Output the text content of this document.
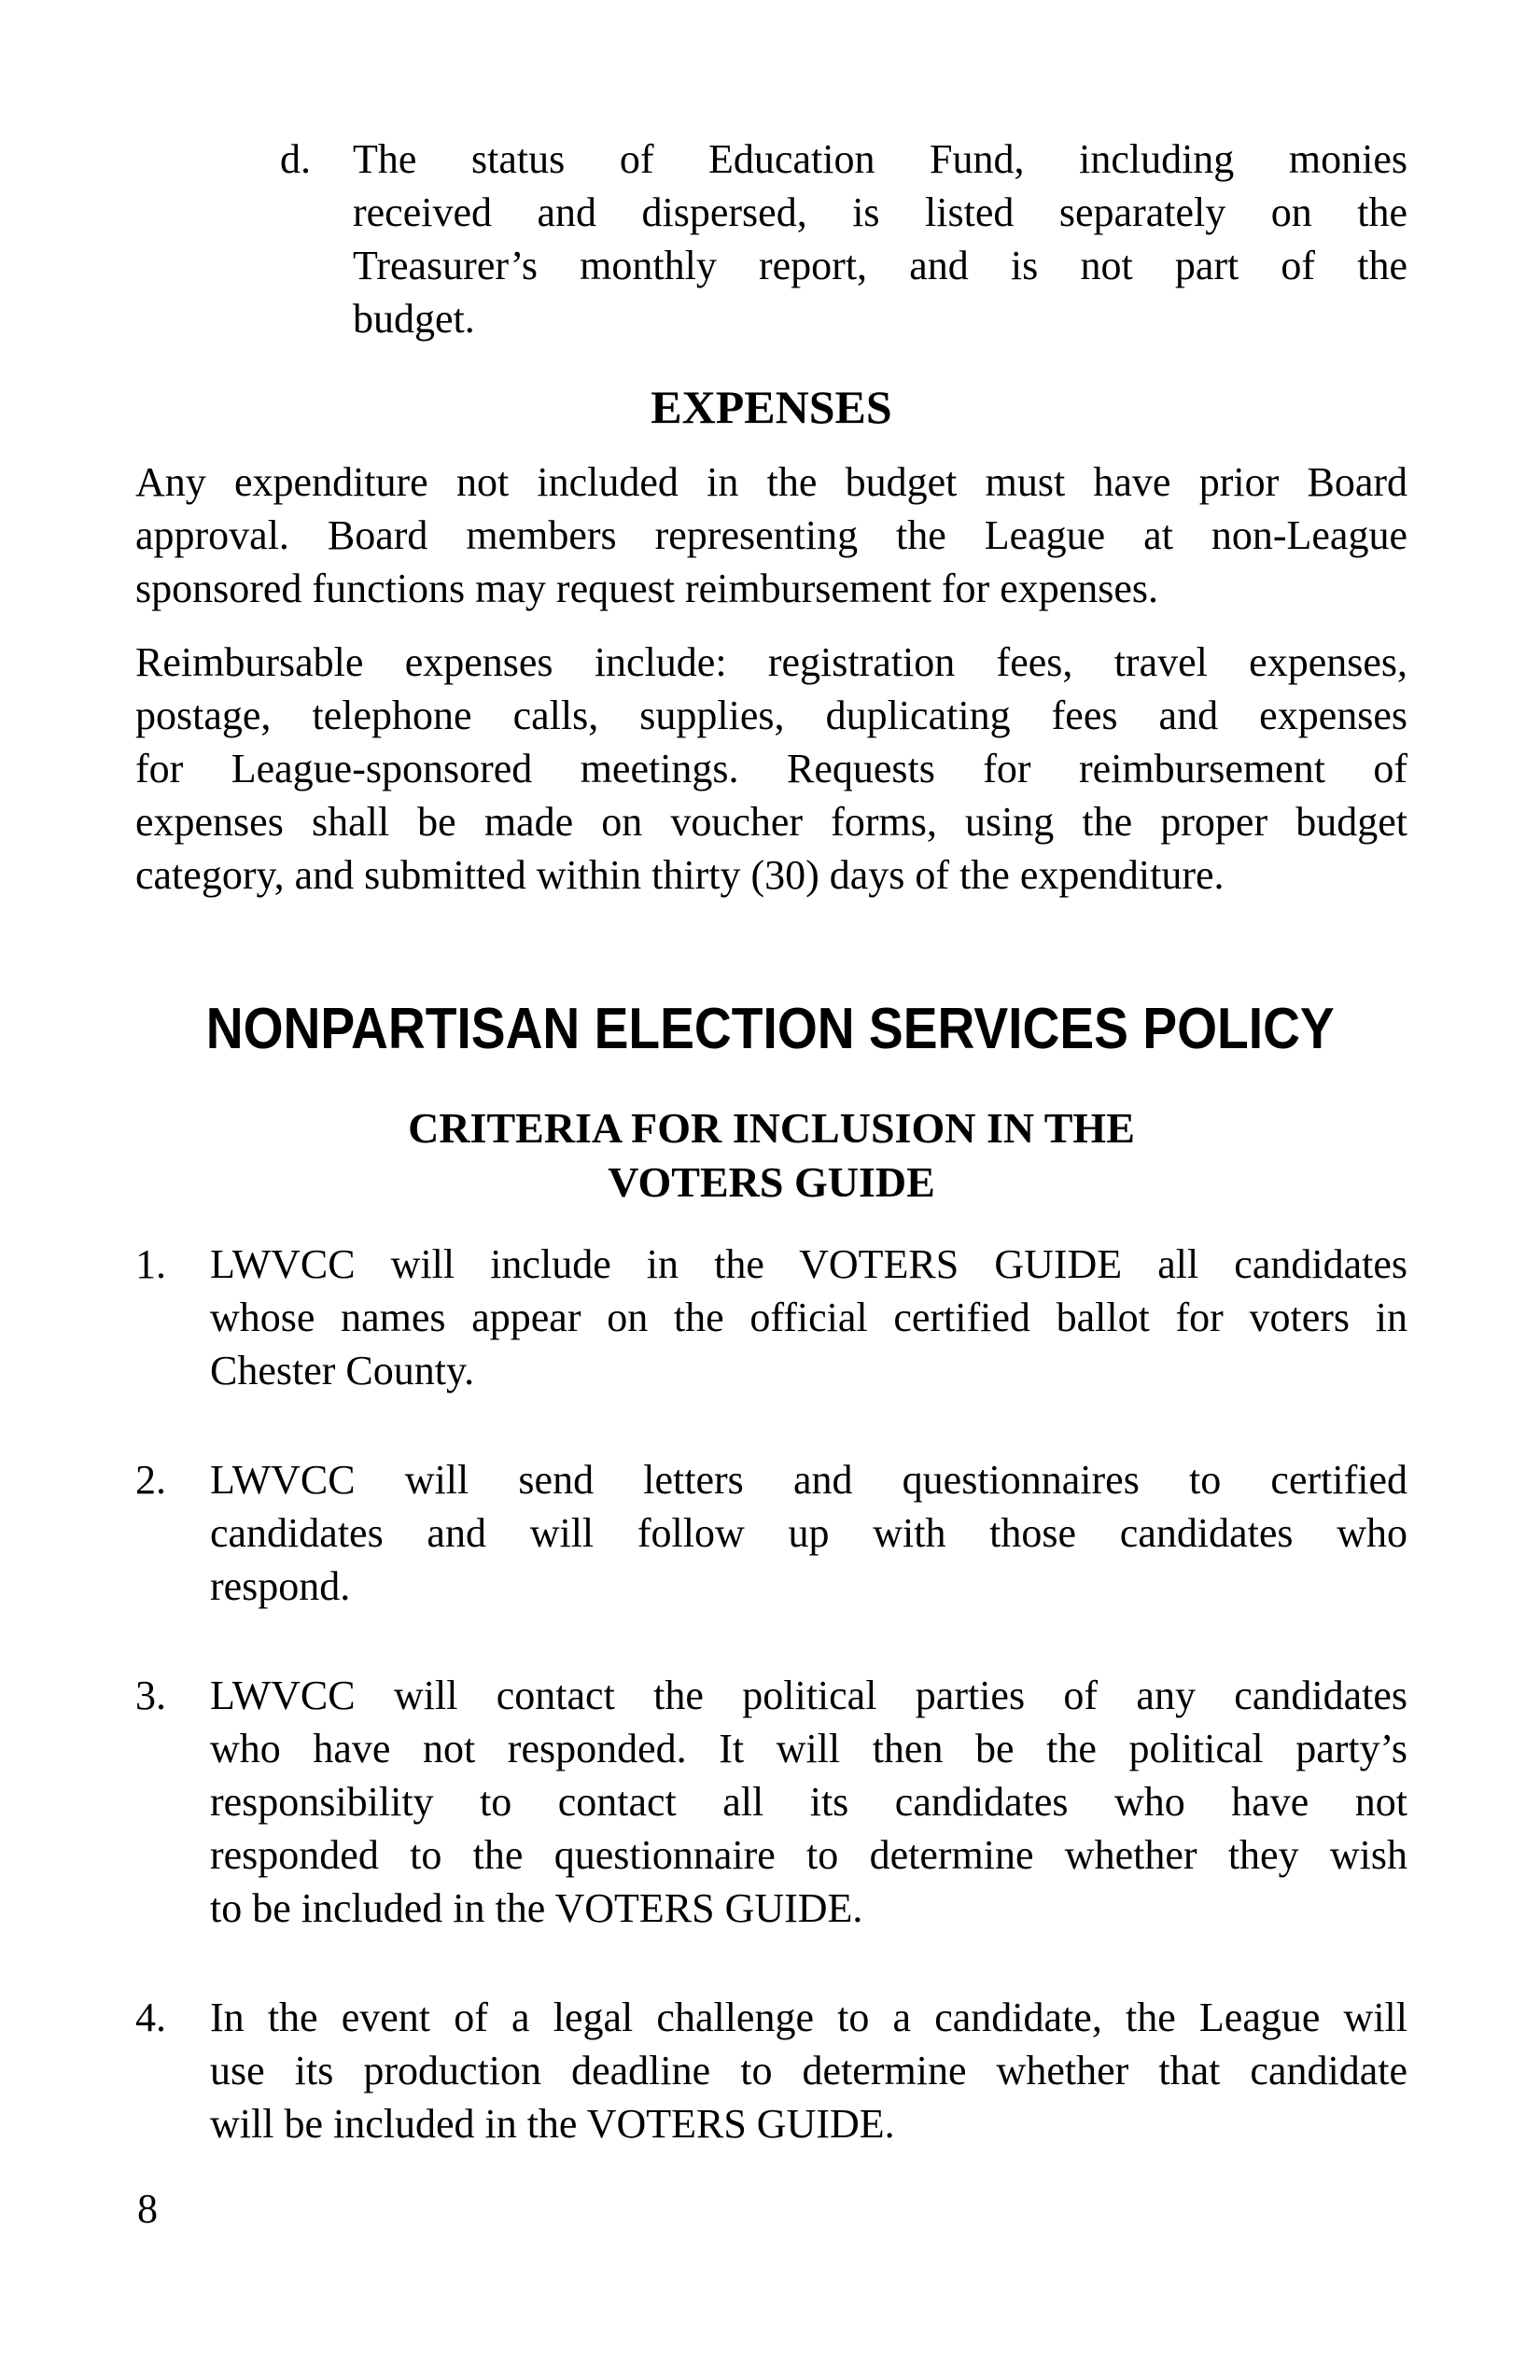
d. The status of Education Fund, including monies
received and dispersed, is listed separately on the
Treasurer’s monthly report, and is not part of the
budget.
EXPENSES
Any expenditure not included in the budget must have prior Board
approval. Board members representing the League at non-League
sponsored functions may request reimbursement for expenses.
Reimbursable expenses include: registration fees, travel expenses,
postage, telephone calls, supplies, duplicating fees and expenses
for League-sponsored meetings. Requests for reimbursement of
expenses shall be made on voucher forms, using the proper budget
category, and submitted within thirty (30) days of the expenditure.
NONPARTISAN ELECTION SERVICES POLICY
CRITERIA FOR INCLUSION IN THE
VOTERS GUIDE
1. LWVCC will include in the VOTERS GUIDE all candidates
whose names appear on the official certified ballot for voters in
Chester County.
2. LWVCC will send letters and questionnaires to certified
candidates and will follow up with those candidates who
respond.
3. LWVCC will contact the political parties of any candidates
who have not responded. It will then be the political party’s
responsibility to contact all its candidates who have not
responded to the questionnaire to determine whether they wish
to be included in the VOTERS GUIDE.
4. In the event of a legal challenge to a candidate, the League will
use its production deadline to determine whether that candidate
will be included in the VOTERS GUIDE.
8
